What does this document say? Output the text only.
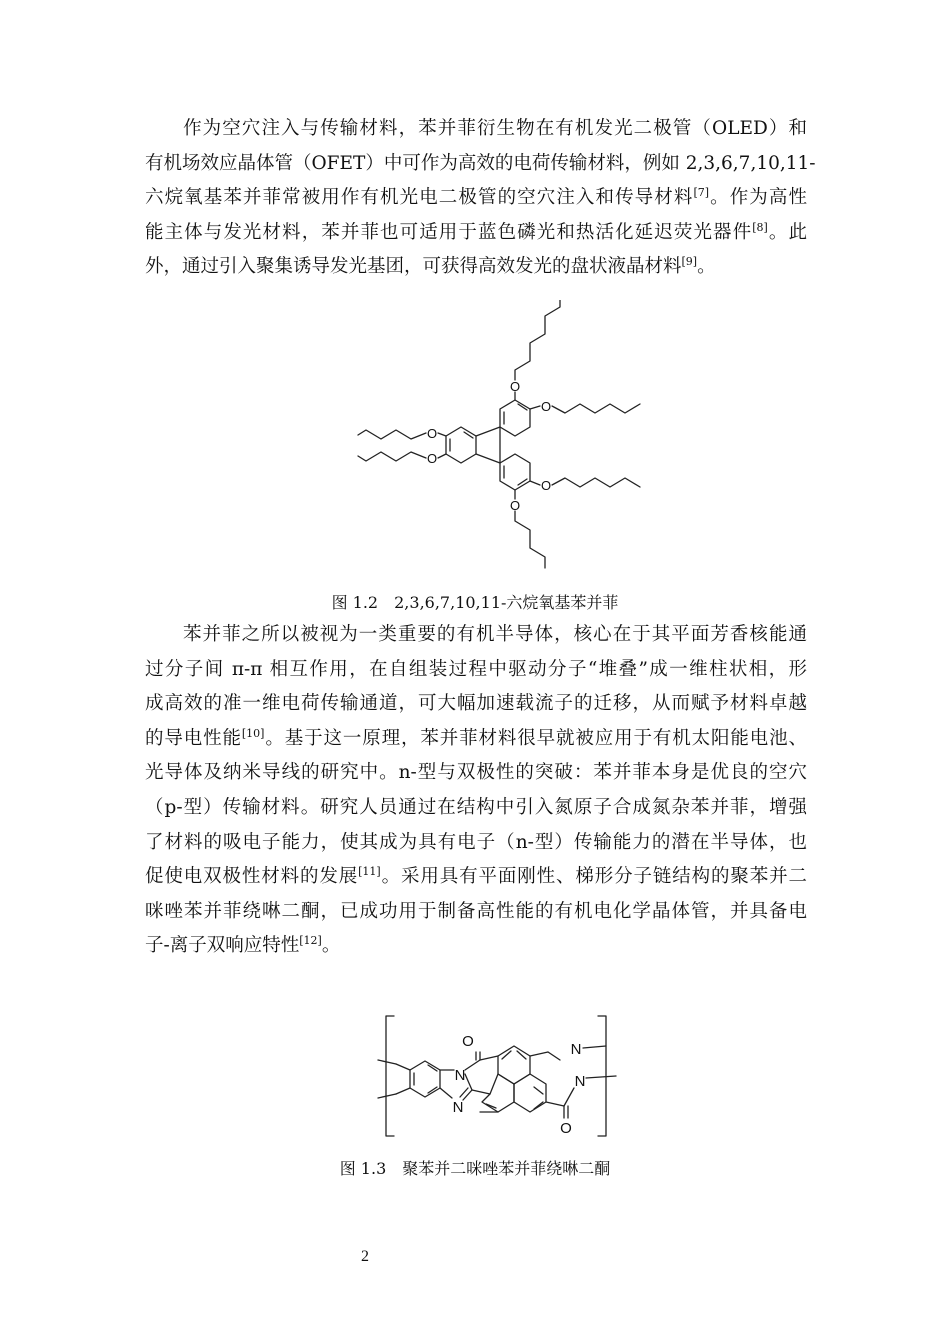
作为空穴注入与传输材料，苯并菲衍生物在有机发光二极管（OLED）和
有机场效应晶体管（OFET）中可作为高效的电荷传输材料，例如 2,3,6,7,10,11-
六烷氧基苯并菲常被用作有机光电二极管的空穴注入和传导材料[7]。作为高性
能主体与发光材料，苯并菲也可适用于蓝色磷光和热活化延迟荧光器件[8]。此
外，通过引入聚集诱导发光基团，可获得高效发光的盘状液晶材料[9]。
O
O
O
O
O
O
图 1.2 2,3,6,7,10,11-六烷氧基苯并菲
苯并菲之所以被视为一类重要的有机半导体，核心在于其平面芳香核能通
过分子间 π-π 相互作用，在自组装过程中驱动分子“堆叠”成一维柱状相，形
成高效的准一维电荷传输通道，可大幅加速载流子的迁移，从而赋予材料卓越
的导电性能[10]。基于这一原理，苯并菲材料很早就被应用于有机太阳能电池、
光导体及纳米导线的研究中。n-型与双极性的突破：苯并菲本身是优良的空穴
（p-型）传输材料。研究人员通过在结构中引入氮原子合成氮杂苯并菲，增强
了材料的吸电子能力，使其成为具有电子（n-型）传输能力的潜在半导体，也
促使电双极性材料的发展[11]。采用具有平面刚性、梯形分子链结构的聚苯并二
咪唑苯并菲绕啉二酮，已成功用于制备高性能的有机电化学晶体管，并具备电
子-离子双响应特性[12]。
O
N
N
N
N
O
图 1.3 聚苯并二咪唑苯并菲绕啉二酮
2
